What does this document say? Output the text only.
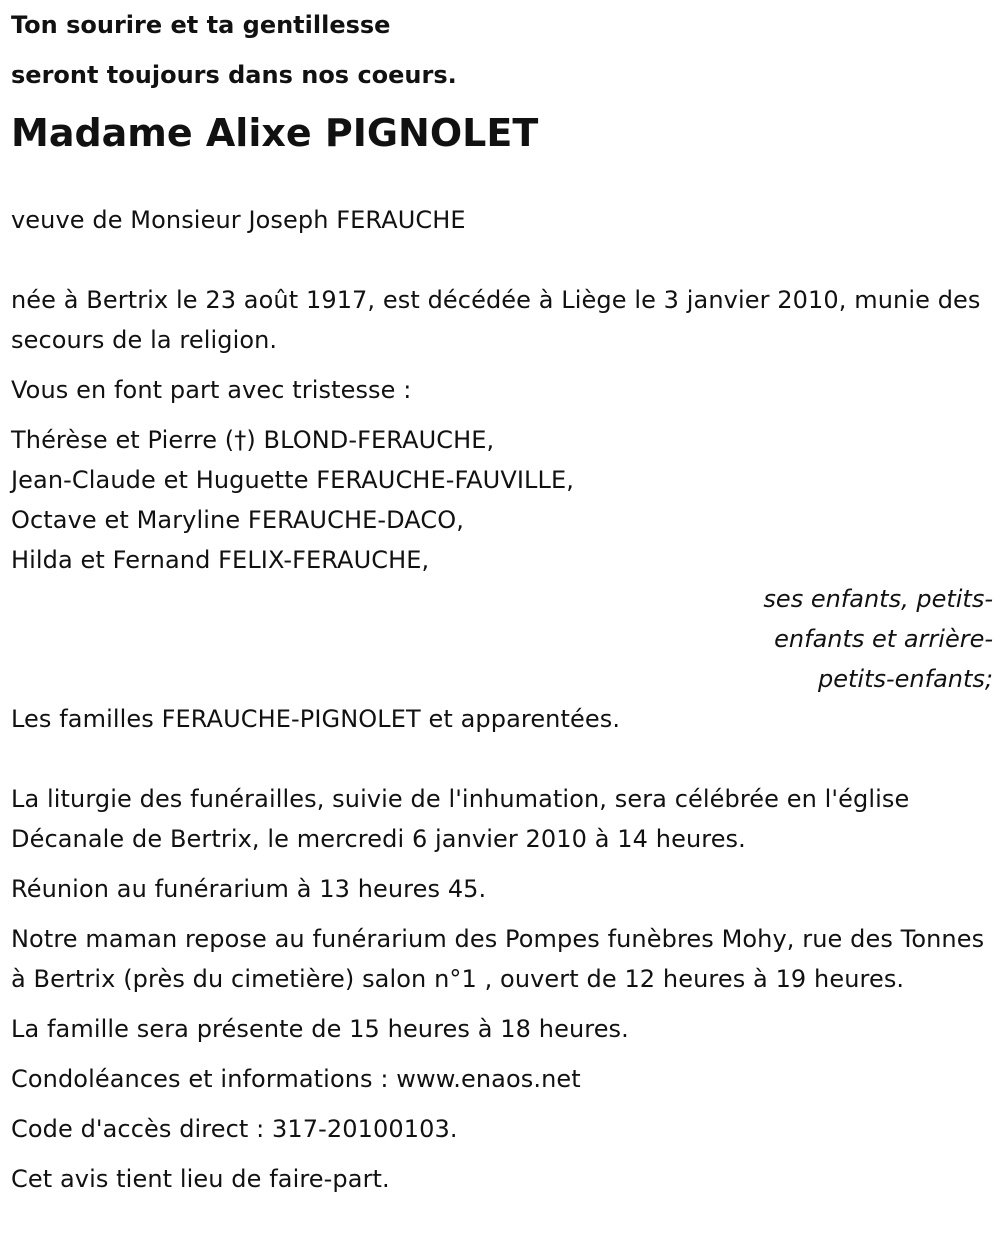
Ton sourire et ta gentillesse
seront toujours dans nos coeurs.

Madame Alixe PIGNOLET

veuve de Monsieur Joseph FERAUCHE

née à Bertrix le 23 août 1917, est décédée à Liège le 3 janvier 2010, munie des secours de la religion.

Vous en font part avec tristesse :

Thérèse et Pierre (†) BLOND-FERAUCHE,
Jean-Claude et Huguette FERAUCHE-FAUVILLE,
Octave et Maryline FERAUCHE-DACO,
Hilda et Fernand FELIX-FERAUCHE,

ses enfants, petits-
enfants et arrière-
petits-enfants;

Les familles FERAUCHE-PIGNOLET et apparentées.

La liturgie des funérailles, suivie de l'inhumation, sera célébrée en l'église Décanale de Bertrix, le mercredi 6 janvier 2010 à 14 heures.

Réunion au funérarium à 13 heures 45.

Notre maman repose au funérarium des Pompes funèbres Mohy, rue des Tonnes à Bertrix (près du cimetière) salon n°1 , ouvert de 12 heures à 19 heures.

La famille sera présente de 15 heures à 18 heures.

Condoléances et informations : www.enaos.net

Code d'accès direct : 317-20100103.

Cet avis tient lieu de faire-part.
